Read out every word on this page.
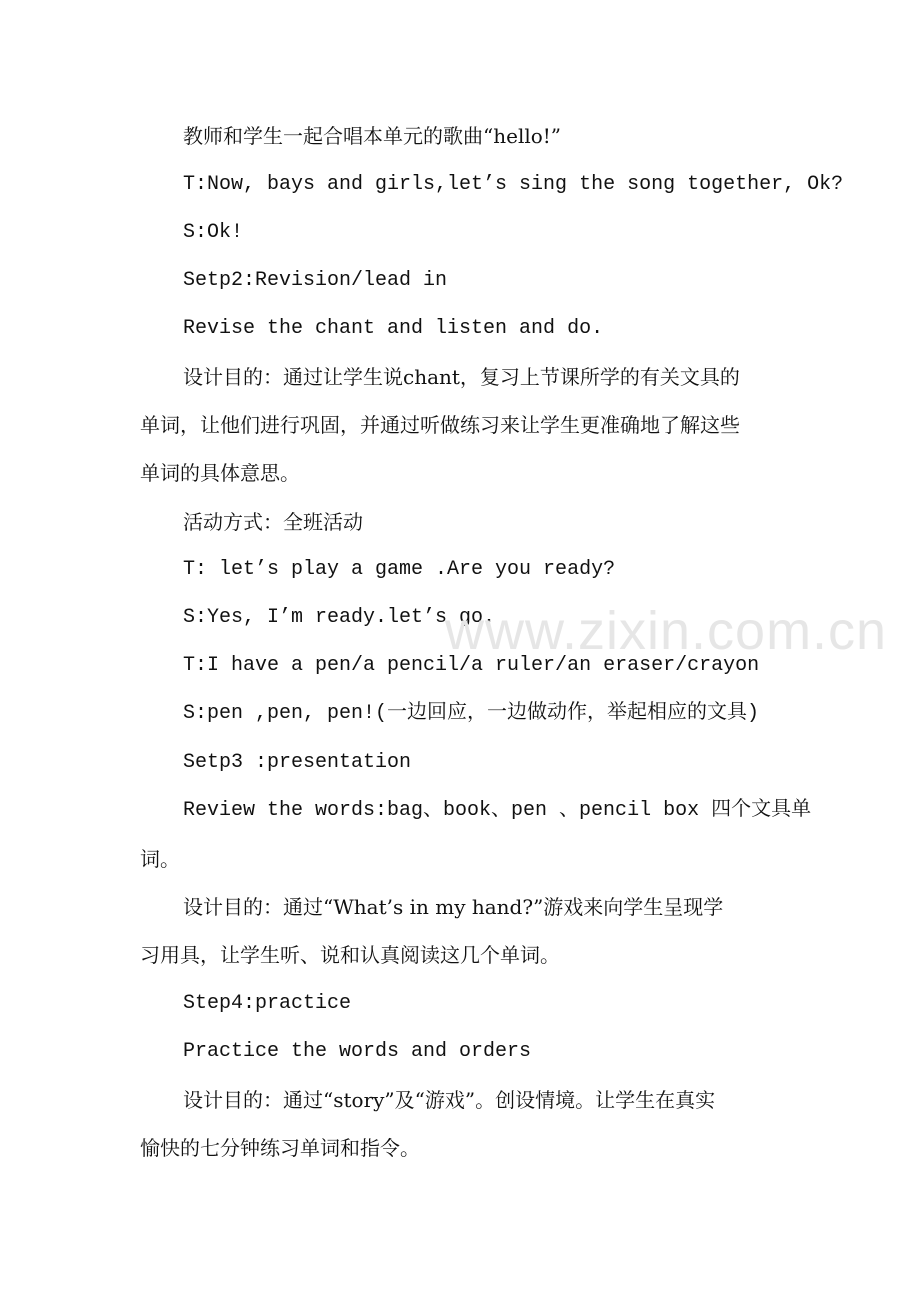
教师和学生一起合唱本单元的歌曲“hello!”
T:Now, bays and girls,let’s sing the song together, Ok?
S:Ok!
Setp2:Revision/lead in
Revise the chant and listen and do.
设计目的：通过让学生说chant，复习上节课所学的有关文具的
单词，让他们进行巩固，并通过听做练习来让学生更准确地了解这些
单词的具体意思。
活动方式：全班活动
T: let’s play a game .Are you ready?
S:Yes, I’m ready.let’s go.
T:I have a pen/a pencil/a ruler/an eraser/crayon
S:pen ,pen, pen!(一边回应，一边做动作，举起相应的文具)
Setp3 :presentation
Review the words:bag、book、pen 、pencil box 四个文具单
词。
设计目的：通过“What’s in my hand?”游戏来向学生呈现学
习用具，让学生听、说和认真阅读这几个单词。
Step4:practice
Practice the words and orders
设计目的：通过“story”及“游戏”。创设情境。让学生在真实
愉快的七分钟练习单词和指令。
www.zixin.com.cn
